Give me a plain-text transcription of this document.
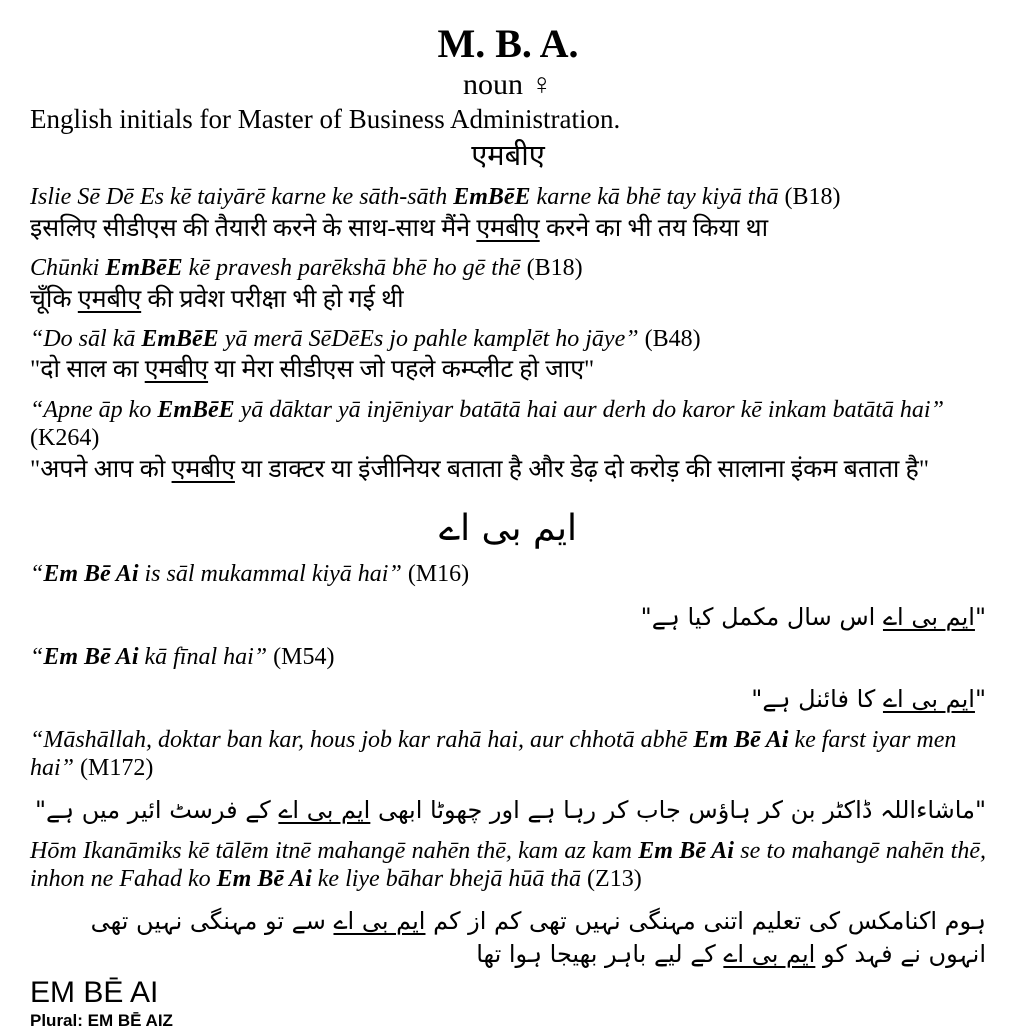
M. B. A.
noun ♀
English initials for Master of Business Administration.
एमबीए
Islie Sē Dē Es kē taiyārē karne ke sāth-sāth EmBēE karne kā bhē tay kiyā thā (B18)
इसलिए सीडीएस की तैयारी करने के साथ-साथ मैंने एमबीए करने का भी तय किया था
Chūnki EmBēE kē pravesh parēkshā bhē ho gē thē (B18)
चूँकि एमबीए की प्रवेश परीक्षा भी हो गई थी
“Do sāl kā EmBēE yā merā SēDēEs jo pahle kamplēt ho jāye” (B48)
"दो साल का एमबीए या मेरा सीडीएस जो पहले कम्प्लीट हो जाए"
“Apne āp ko EmBēE yā dāktar yā injēniyar batātā hai aur derh do karor kē inkam batātā hai” (K264)
"अपने आप को एमबीए या डाक्टर या इंजीनियर बताता है और डेढ़ दो करोड़ की सालाना इंकम बताता है"
ایم بی اے
“Em Bē Ai is sāl mukammal kiyā hai” (M16)
"ایم بی اے اس سال مکمل کیا ہے"
“Em Bē Ai kā fīnal hai” (M54)
"ایم بی اے کا فائنل ہے"
“Māshāllah, doktar ban kar, hous job kar rahā hai, aur chhotā abhē Em Bē Ai ke farst iyar men hai” (M172)
"ماشاءاللہ ڈاکٹر بن کر ہاؤس جاب کر رہا ہے اور چھوٹا ابھی ایم بی اے کے فرسٹ ائیر میں ہے"
Hōm Ikanāmiks kē tālēm itnē mahangē nahēn thē, kam az kam Em Bē Ai se to mahangē nahēn thē, inhon ne Fahad ko Em Bē Ai ke liye bāhar bhejā hūā thā (Z13)
ہوم اکنامکس کی تعلیم اتنی مہنگی نہیں تھی کم از کم ایم بی اے سے تو مہنگی نہیں تھی انہوں نے فہد کو ایم بی اے کے لیے باہر بھیجا ہوا تھا
EM BĒ AI
Plural: EM BĒ AIZ
